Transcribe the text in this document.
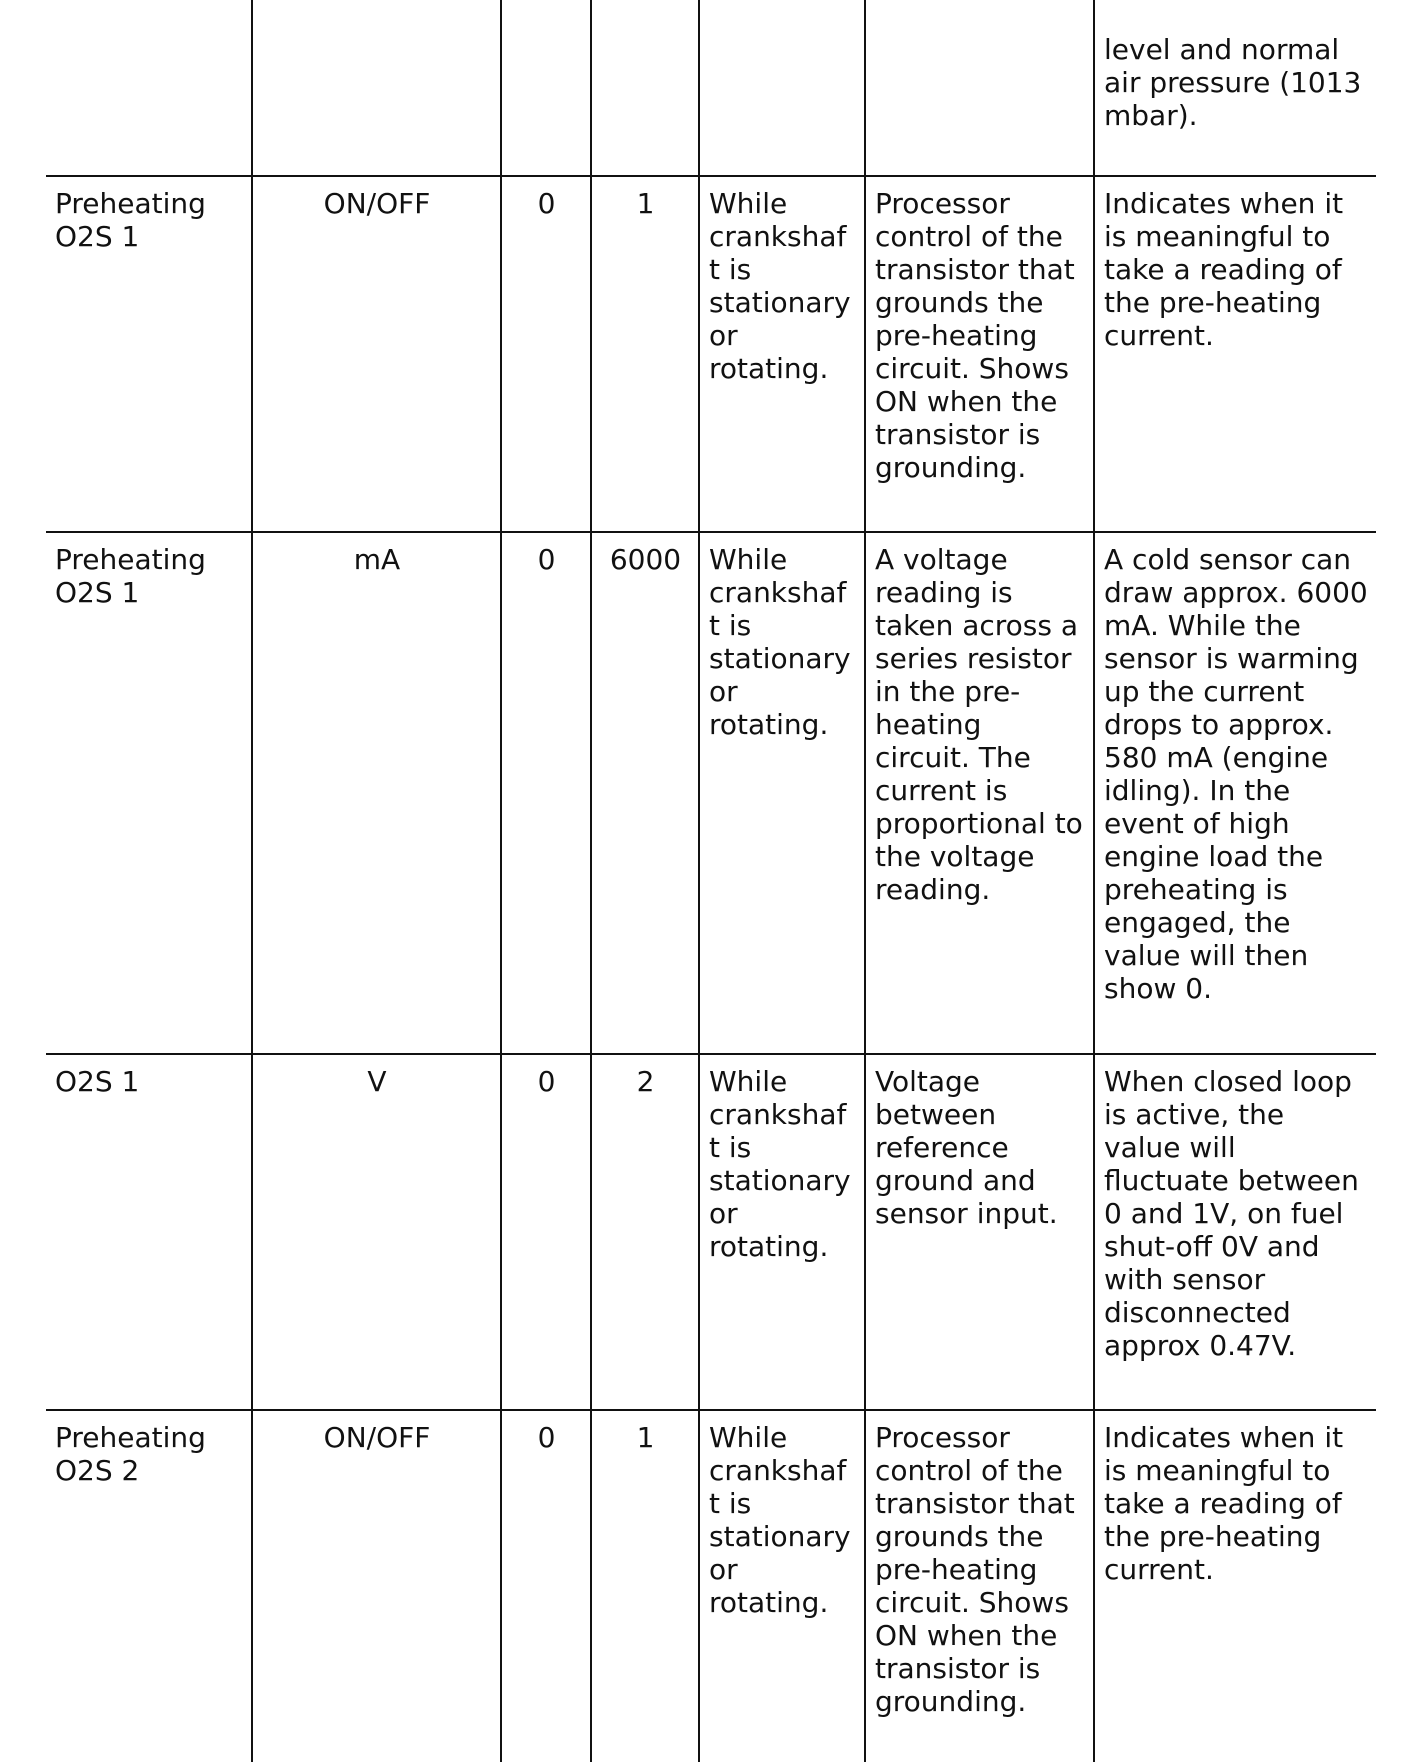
						level and normal air pressure (1013 mbar).
Preheating O2S 1	ON/OFF	0	1	While crankshaft is stationary or rotating.	Processor control of the transistor that grounds the pre-heating circuit. Shows ON when the transistor is grounding.	Indicates when it is meaningful to take a reading of the pre-heating current.
Preheating O2S 1	mA	0	6000	While crankshaft is stationary or rotating.	A voltage reading is taken across a series resistor in the pre-heating circuit. The current is proportional to the voltage reading.	A cold sensor can draw approx. 6000 mA. While the sensor is warming up the current drops to approx. 580 mA (engine idling). In the event of high engine load the preheating is engaged, the value will then show 0.
O2S 1	V	0	2	While crankshaft is stationary or rotating.	Voltage between reference ground and sensor input.	When closed loop is active, the value will fluctuate between 0 and 1V, on fuel shut-off 0V and with sensor disconnected approx 0.47V.
Preheating O2S 2	ON/OFF	0	1	While crankshaft is stationary or rotating.	Processor control of the transistor that grounds the pre-heating circuit. Shows ON when the transistor is grounding.	Indicates when it is meaningful to take a reading of the pre-heating current.
